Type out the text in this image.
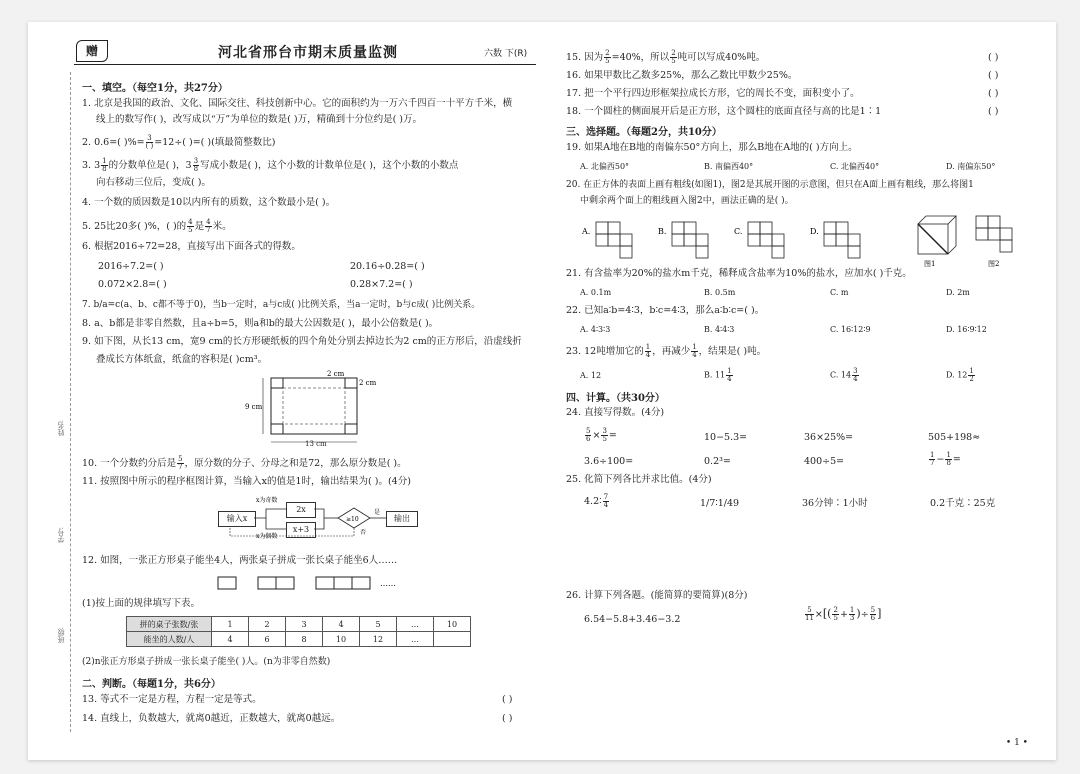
赠	河北省邢台市期末质量监测	六数 下(R)
姓名:
学号:
班级:
一、填空。（每空1分，共27分）
1. 北京是我国的政治、文化、国际交往、科技创新中心。它的面积约为一万六千四百一十平方千米，横
线上的数写作( )，改写成以“万”为单位的数是( )万，精确到十分位约是( )万。
2. 0.6=( )%= $\frac{3}{( )} =12\div$( )=( )(填最简整数比)
3. $3 \frac{1}{8}$ 的分数单位是( )，$3 \frac{3}{8}$ 写成小数是( )，这个小数的计数单位是( )，这个小数的小数点
向右移动三位后，变成( )。
4. 一个数的质因数是10以内所有的质数，这个数最小是( )。
5. 25比20多( )%，( )的 $\frac{4}{5}$ 是 $\frac{4}{7}$ 米。
6. 根据2016÷72=28，直接写出下面各式的得数。
2016÷7.2=( )	20.16÷0.28=( )
0.072×2.8=( )	0.28×7.2=( )
7. b/a=c(a、b、c都不等于0)，当b一定时，a与c成( )比例关系，当a一定时，b与c成( )比例关系。
8. a、b都是非零自然数，且a÷b=5，则a和b的最大公因数是( )，最小公倍数是( )。
9. 如下图，从长13 cm，宽9 cm的长方形硬纸板的四个角处分别去掉边长为2 cm的正方形后，沿虚线折
叠成长方体纸盒，纸盒的容积是( )cm³。
2 cm
2 cm
9 cm
13 cm
10. 一个分数约分后是 $\frac{5}{7}$ ，原分数的分子、分母之和是72，那么原分数是( )。
11. 按照图中所示的程序框图计算，当输入x的值是1时，输出结果为( )。(4分)
输入x
2x
x+3
x为奇数
x为偶数
≥10
是
否
输出
12. 如图，一张正方形桌子能坐4人，两张桌子拼成一张长桌子能坐6人……
……
(1)按上面的规律填写下表。
拼的桌子张数/张	1	2	3	4	5	…	10
能坐的人数/人	4	6	8	10	12	…	
(2)n张正方形桌子拼成一张长桌子能坐( )人。(n为非零自然数)
二、判断。（每题1分，共6分）
13. 等式不一定是方程，方程一定是等式。	( )
14. 直线上，负数越大，就离0越近，正数越大，就离0越远。	( )
15. 因为 $\frac{2}{5} =40\%$，所以 $\frac{2}{5}$ 吨可以写成40%吨。	( )
16. 如果甲数比乙数多25%，那么乙数比甲数少25%。	( )
17. 把一个平行四边形框架拉成长方形，它的周长不变，面积变小了。	( )
18. 一个圆柱的侧面展开后是正方形，这个圆柱的底面直径与高的比是1∶1	( )
三、选择题。（每题2分，共10分）
19. 如果A地在B地的南偏东50°方向上，那么B地在A地的( )方向上。
A. 北偏西50°	B. 南偏西40°	C. 北偏西40°	D. 南偏东50°
20. 在正方体的表面上画有粗线(如图1)，图2是其展开图的示意图，但只在A面上画有粗线，那么将图1
中剩余两个面上的粗线画入图2中，画法正确的是( )。
A.	B.	C.	D.
图1	图2
21. 有含盐率为20%的盐水m千克，稀释成含盐率为10%的盐水，应加水( )千克。
A. 0.1m	B. 0.5m	C. m	D. 2m
22. 已知a∶b=4∶3，b∶c=4∶3，那么a∶b∶c=( )。
A. 4∶3∶3	B. 4∶4∶3	C. 16∶12∶9	D. 16∶9∶12
23. 12吨增加它的 $\frac{1}{4}$ ，再减少 $\frac{1}{4}$ ，结果是( )吨。
A. 12	B. $11 \frac{1}{4}$	C. $14 \frac{3}{4}$	D. $12 \frac{1}{2}$
四、计算。（共30分）
24. 直接写得数。(4分)
$\frac{5}{6} \times \frac{3}{5}$ =	10−5.3=	36×25%=	505+198≈
3.6÷100=	0.2³=	400÷5=	$\frac{1}{7} - \frac{1}{8}$ =
25. 化简下列各比并求比值。(4分)
4.2∶ $\frac{7}{4}$	1/7∶1/49	36分钟∶1小时	0.2千克∶25克
26. 计算下列各题。(能简算的要简算)(8分)
6.54−5.8+3.46−3.2	$\frac{5}{11}$ ×[( $\frac{2}{5} + \frac{1}{3}$ )÷ $\frac{5}{6}$ ]
• 1 •
